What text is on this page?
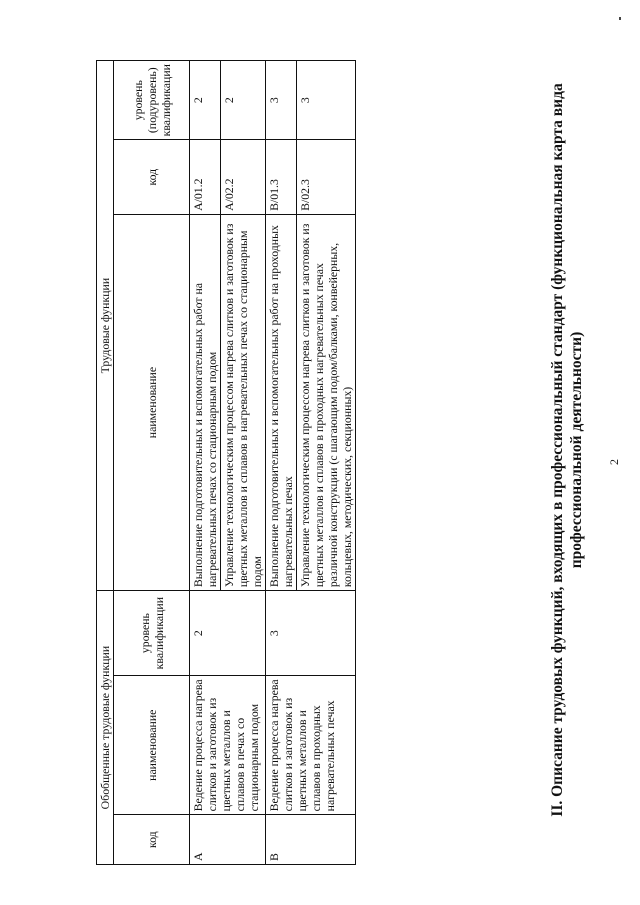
2
II. Описание трудовых функций, входящих в профессиональный стандарт (функциональная карта вида профессиональной деятельности)
Обобщенные трудовые функции			Трудовые функции		
код	наименование	уровень квалификации	наименование	код	уровень
(подуровень)
квалификации
А	Ведение процесса нагрева слитков и заготовок из цветных металлов и сплавов в печах со стационарным подом	2	Выполнение подготовительных и вспомогательных работ на нагревательных печах со стационарным подом	А/01.2	2
			Управление технологическим процессом нагрева слитков и заготовок из цветных металлов и сплавов в нагревательных печах со стационарным подом	А/02.2	2
В	Ведение процесса нагрева слитков и заготовок из цветных металлов и сплавов в проходных нагревательных печах	3	Выполнение подготовительных и вспомогательных работ на проходных нагревательных печах	В/01.3	3
			Управление технологическим процессом нагрева слитков и заготовок из цветных металлов и сплавов в проходных нагревательных печах различной конструкции (с шагающим подом/балками, конвейерных, кольцевых, методических, секционных)	В/02.3	3
